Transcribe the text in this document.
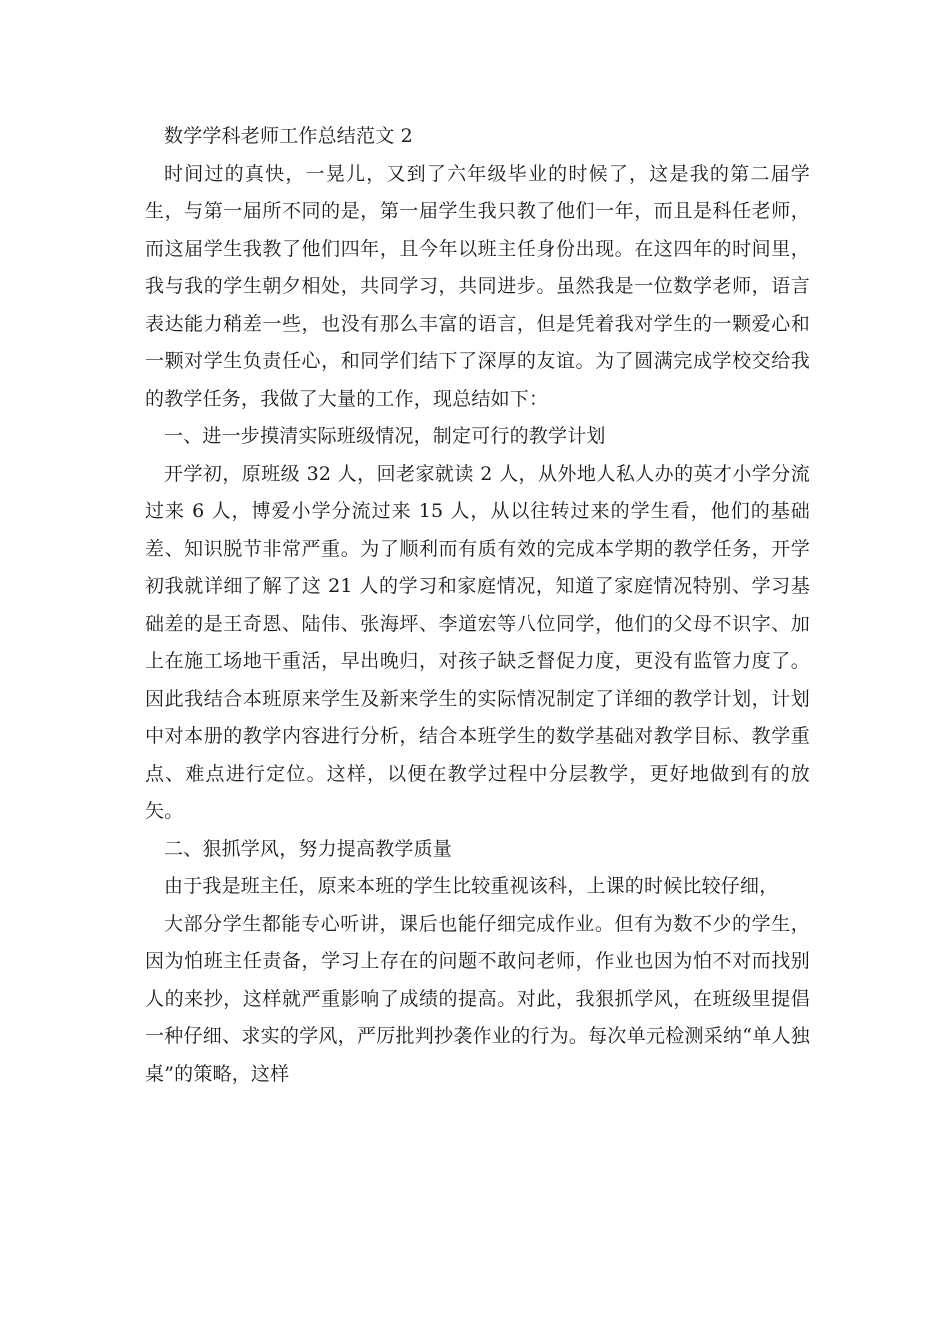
数学学科老师工作总结范文 2

时间过的真快，一晃儿，又到了六年级毕业的时候了，这是我的第二届学生，与第一届所不同的是，第一届学生我只教了他们一年，而且是科任老师，而这届学生我教了他们四年，且今年以班主任身份出现。在这四年的时间里，我与我的学生朝夕相处，共同学习，共同进步。虽然我是一位数学老师，语言表达能力稍差一些，也没有那么丰富的语言，但是凭着我对学生的一颗爱心和一颗对学生负责任心，和同学们结下了深厚的友谊。为了圆满完成学校交给我的教学任务，我做了大量的工作，现总结如下：

一、进一步摸清实际班级情况，制定可行的教学计划

开学初，原班级 32 人，回老家就读 2 人，从外地人私人办的英才小学分流过来 6 人，博爱小学分流过来 15 人，从以往转过来的学生看，他们的基础差、知识脱节非常严重。为了顺利而有质有效的完成本学期的教学任务，开学初我就详细了解了这 21 人的学习和家庭情况，知道了家庭情况特别、学习基础差的是王奇恩、陆伟、张海坪、李道宏等八位同学，他们的父母不识字、加上在施工场地干重活，早出晚归，对孩子缺乏督促力度，更没有监管力度了。因此我结合本班原来学生及新来学生的实际情况制定了详细的教学计划，计划中对本册的教学内容进行分析，结合本班学生的数学基础对教学目标、教学重点、难点进行定位。这样，以便在教学过程中分层教学，更好地做到有的放矢。

二、狠抓学风，努力提高教学质量

由于我是班主任，原来本班的学生比较重视该科，上课的时候比较仔细，

大部分学生都能专心听讲，课后也能仔细完成作业。但有为数不少的学生，因为怕班主任责备，学习上存在的问题不敢问老师，作业也因为怕不对而找别人的来抄，这样就严重影响了成绩的提高。对此，我狠抓学风，在班级里提倡一种仔细、求实的学风，严厉批判抄袭作业的行为。每次单元检测采纳“单人独桌”的策略，这样
